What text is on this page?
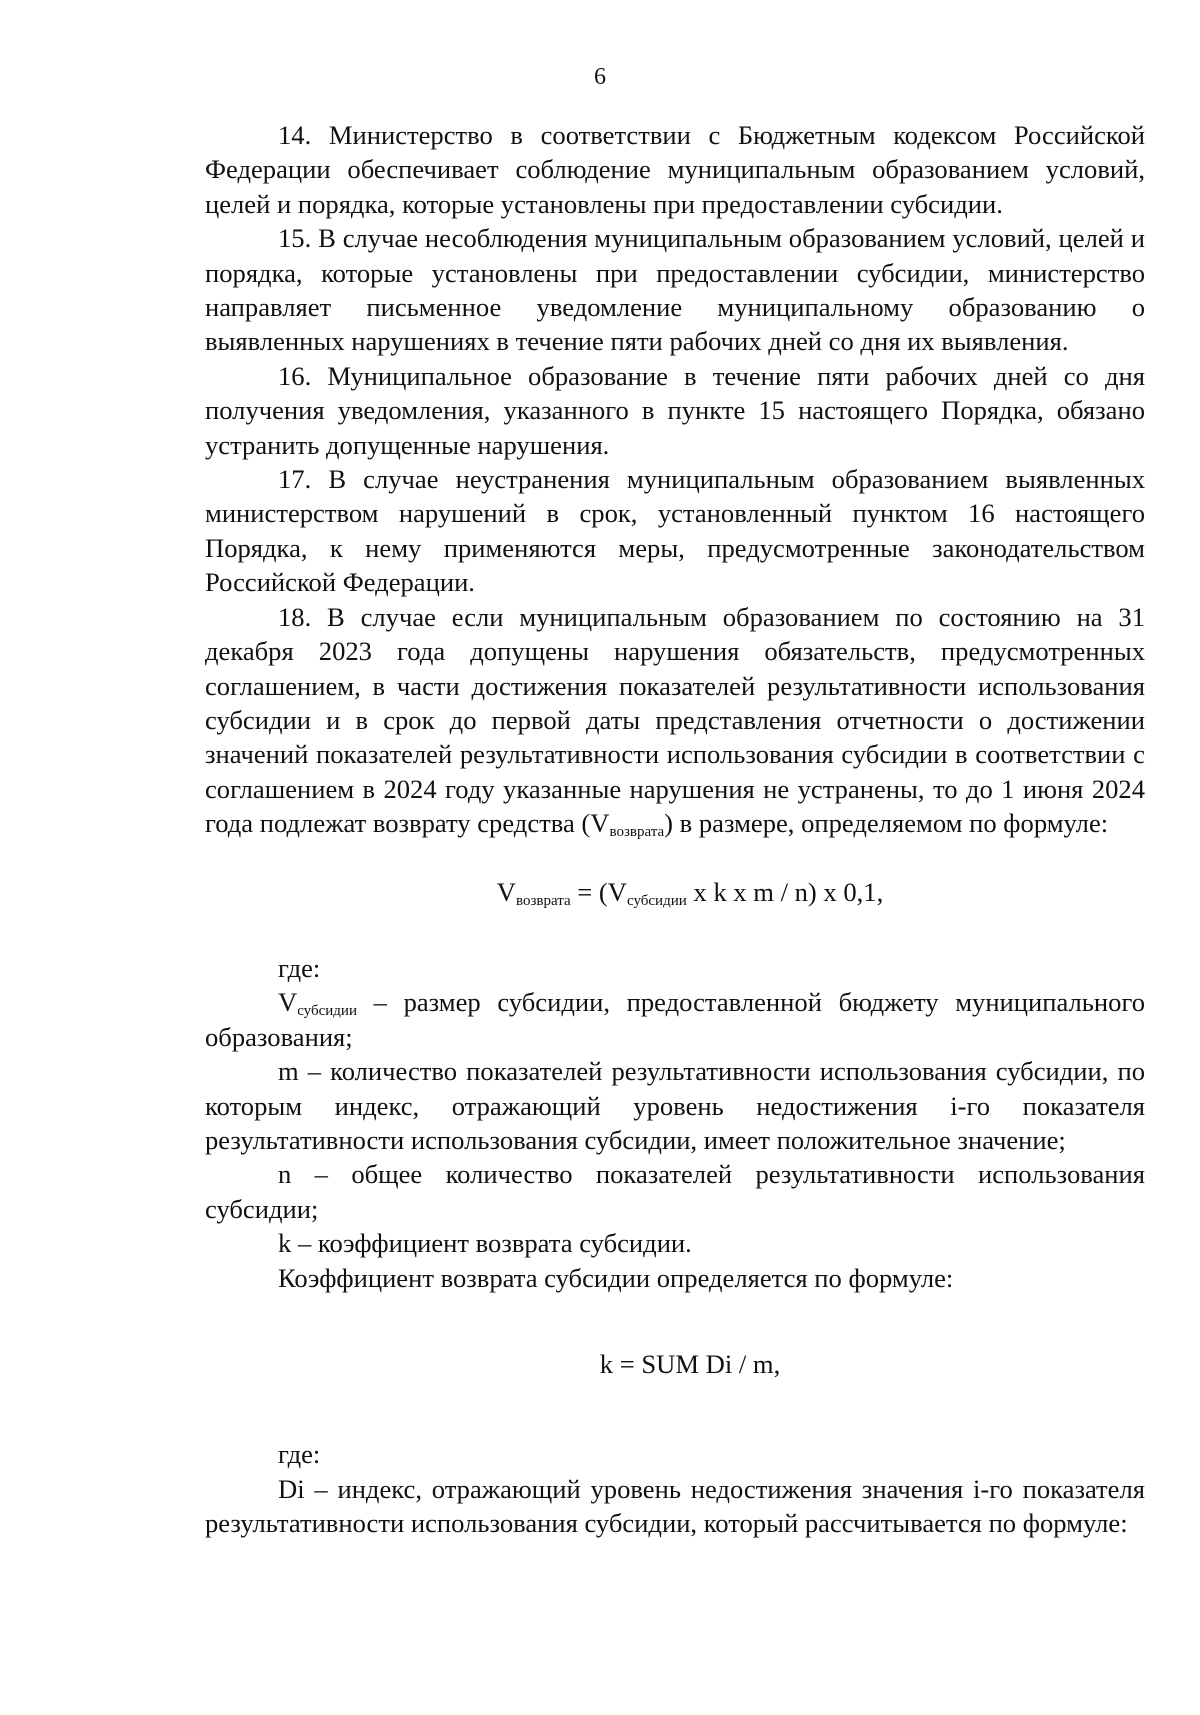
6

14. Министерство в соответствии с Бюджетным кодексом Российской Федерации обеспечивает соблюдение муниципальным образованием условий, целей и порядка, которые установлены при предоставлении субсидии.

15. В случае несоблюдения муниципальным образованием условий, целей и порядка, которые установлены при предоставлении субсидии, министерство направляет письменное уведомление муниципальному образованию о выявленных нарушениях в течение пяти рабочих дней со дня их выявления.

16. Муниципальное образование в течение пяти рабочих дней со дня получения уведомления, указанного в пункте 15 настоящего Порядка, обязано устранить допущенные нарушения.

17. В случае неустранения муниципальным образованием выявленных министерством нарушений в срок, установленный пунктом 16 настоящего Порядка, к нему применяются меры, предусмотренные законодательством Российской Федерации.

18. В случае если муниципальным образованием по состоянию на 31 декабря 2023 года допущены нарушения обязательств, предусмотренных соглашением, в части достижения показателей результативности использования субсидии и в срок до первой даты представления отчетности о достижении значений показателей результативности использования субсидии в соответствии с соглашением в 2024 году указанные нарушения не устранены, то до 1 июня 2024 года подлежат возврату средства $(V_{возврата})$ в размере, определяемом по формуле:

$V_{возврата} = (V_{субсидии}$ x k x m / n) x 0,1,

где:

$V_{субсидии}$ – размер субсидии, предоставленной бюджету муниципального образования;

m – количество показателей результативности использования субсидии, по которым индекс, отражающий уровень недостижения i-го показателя результативности использования субсидии, имеет положительное значение;

n – общее количество показателей результативности использования субсидии;

k – коэффициент возврата субсидии.

Коэффициент возврата субсидии определяется по формуле:

k = SUM Di / m,

где:

Di – индекс, отражающий уровень недостижения значения i-го показателя результативности использования субсидии, который рассчитывается по формуле:
